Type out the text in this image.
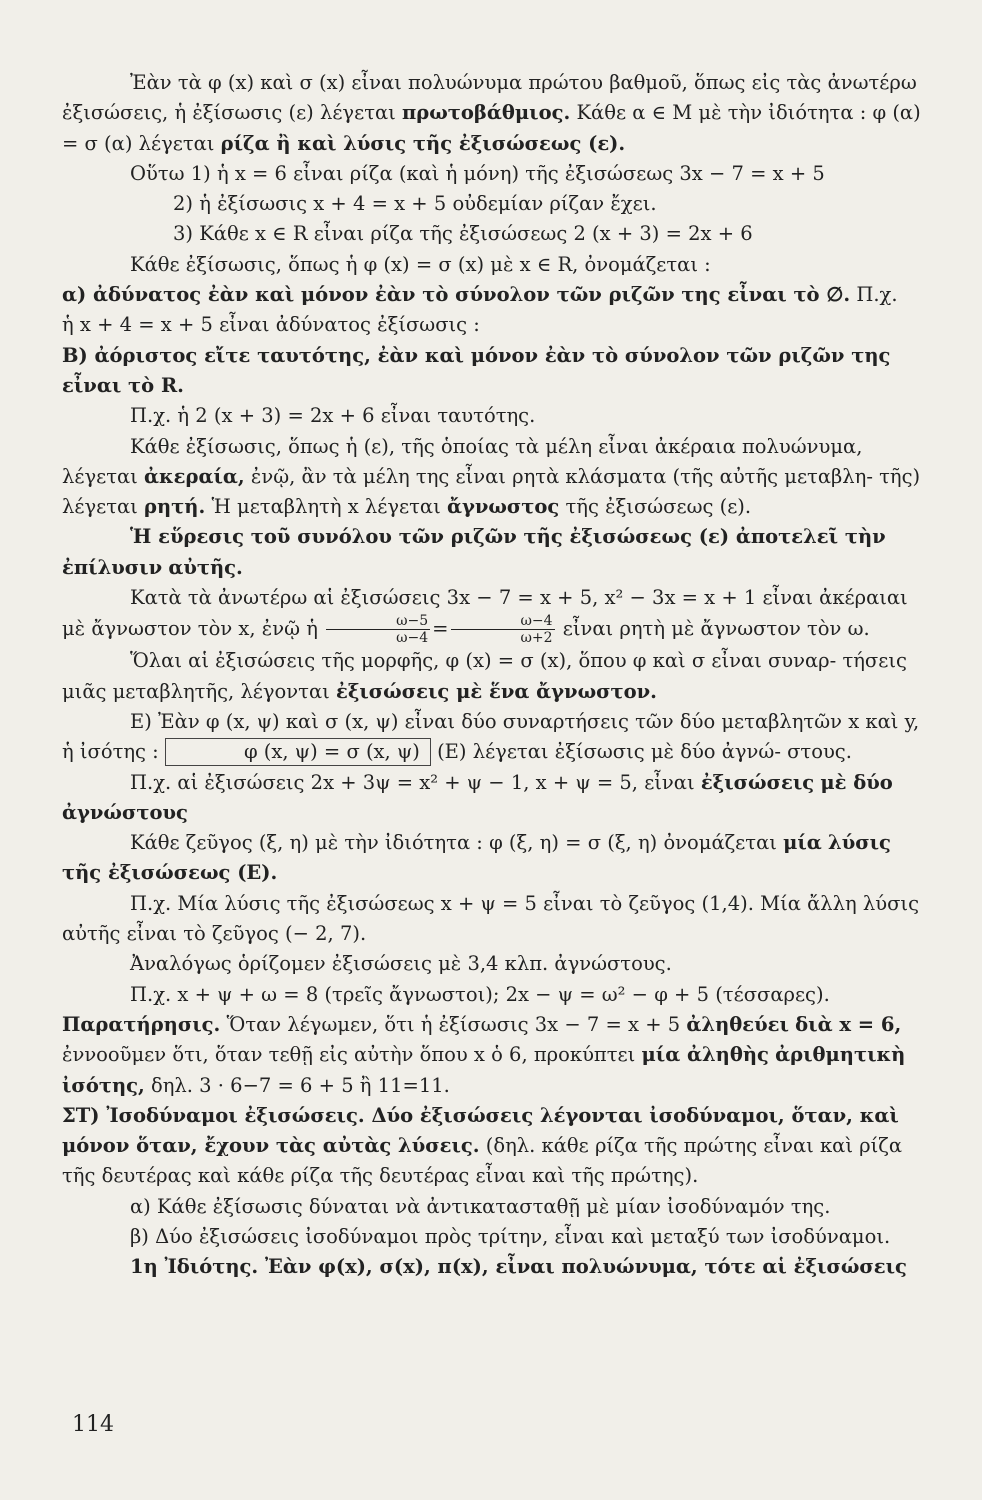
Ἐὰν τὰ φ (x) καὶ σ (x) εἶναι πολυώνυμα πρώτου βαθμοῦ, ὅπως εἰς τὰς ἀνωτέρω ἐξισώσεις, ἡ ἐξίσωσις (ε) λέγεται πρωτοβάθμιος. Κάθε α ∈ Μ μὲ τὴν ἰδιότητα : φ (α) = σ (α) λέγεται ρίζα ἢ καὶ λύσις τῆς ἐξισώσεως (ε).

Οὕτω 1) ἡ x = 6 εἶναι ρίζα (καὶ ἡ μόνη) τῆς ἐξισώσεως 3x − 7 = x + 5

2) ἡ ἐξίσωσις x + 4 = x + 5 οὐδεμίαν ρίζαν ἔχει.

3) Κάθε x ∈ R εἶναι ρίζα τῆς ἐξισώσεως 2 (x + 3) = 2x + 6

Κάθε ἐξίσωσις, ὅπως ἡ φ (x) = σ (x) μὲ x ∈ R, ὀνομάζεται :

α) ἀδύνατος ἐὰν καὶ μόνον ἐὰν τὸ σύνολον τῶν ριζῶν της εἶναι τὸ ∅. Π.χ.

ἡ x + 4 = x + 5 εἶναι ἀδύνατος ἐξίσωσις :

Β) ἀόριστος εἴτε ταυτότης, ἐὰν καὶ μόνον ἐὰν τὸ σύνολον τῶν ριζῶν της εἶναι τὸ R.

Π.χ. ἡ 2 (x + 3) = 2x + 6 εἶναι ταυτότης.

Κάθε ἐξίσωσις, ὅπως ἡ (ε), τῆς ὁποίας τὰ μέλη εἶναι ἀκέραια πολυώνυμα, λέγεται ἀκεραία, ἐνῷ, ἂν τὰ μέλη της εἶναι ρητὰ κλάσματα (τῆς αὐτῆς μεταβλη- τῆς) λέγεται ρητή. Ἡ μεταβλητὴ x λέγεται ἄγνωστος τῆς ἐξισώσεως (ε).

Ἡ εὕρεσις τοῦ συνόλου τῶν ριζῶν τῆς ἐξισώσεως (ε) ἀποτελεῖ τὴν ἐπίλυσιν αὐτῆς.

Κατὰ τὰ ἀνωτέρω αἱ ἐξισώσεις 3x − 7 = x + 5, x² − 3x = x + 1 εἶναι ἀκέραιαι μὲ ἄγνωστον τὸν x, ἐνῷ ἡ $\frac{\omega-5}{\omega-4} = \frac{\omega-4}{\omega+2}$ εἶναι ρητὴ μὲ ἄγνωστον τὸν ω.

Ὅλαι αἱ ἐξισώσεις τῆς μορφῆς, φ (x) = σ (x), ὅπου φ καὶ σ εἶναι συναρ- τήσεις μιᾶς μεταβλητῆς, λέγονται ἐξισώσεις μὲ ἕνα ἄγνωστον.

Ε) Ἐὰν φ (x, ψ) καὶ σ (x, ψ) εἶναι δύο συναρτήσεις τῶν δύο μεταβλητῶν x καὶ y, ἡ ἰσότης :	φ (x, ψ) = σ (x, ψ) (Ε) λέγεται ἐξίσωσις μὲ δύο ἀγνώ- στους.

Π.χ. αἱ ἐξισώσεις 2x + 3ψ = x² + ψ − 1, x + ψ = 5, εἶναι ἐξισώσεις μὲ δύο ἀγνώστους

Κάθε ζεῦγος (ξ, η) μὲ τὴν ἰδιότητα : φ (ξ, η) = σ (ξ, η) ὀνομάζεται μία λύσις τῆς ἐξισώσεως (Ε).

Π.χ. Μία λύσις τῆς ἐξισώσεως x + ψ = 5 εἶναι τὸ ζεῦγος (1,4). Μία ἄλλη λύσις αὐτῆς εἶναι τὸ ζεῦγος (− 2, 7).

Ἀναλόγως ὁρίζομεν ἐξισώσεις μὲ 3,4 κλπ. ἀγνώστους.

Π.χ. x + ψ + ω = 8 (τρεῖς ἄγνωστοι); 2x − ψ = ω² − φ + 5 (τέσσαρες).

Παρατήρησις. Ὅταν λέγωμεν, ὅτι ἡ ἐξίσωσις 3x − 7 = x + 5 ἀληθεύει διὰ x = 6, ἐννοοῦμεν ὅτι, ὅταν τεθῇ εἰς αὐτὴν ὅπου x ὁ 6, προκύπτει μία ἀληθὴς ἀριθμητικὴ ἰσότης, δηλ. 3 · 6−7 = 6 + 5 ἢ 11=11.

ΣΤ) Ἰσοδύναμοι ἐξισώσεις. Δύο ἐξισώσεις λέγονται ἰσοδύναμοι, ὅταν, καὶ μόνον ὅταν, ἔχουν τὰς αὐτὰς λύσεις. (δηλ. κάθε ρίζα τῆς πρώτης εἶναι καὶ ρίζα τῆς δευτέρας καὶ κάθε ρίζα τῆς δευτέρας εἶναι καὶ τῆς πρώτης).

α) Κάθε ἐξίσωσις δύναται νὰ ἀντικατασταθῇ μὲ μίαν ἰσοδύναμόν της.

β) Δύο ἐξισώσεις ἰσοδύναμοι πρὸς τρίτην, εἶναι καὶ μεταξύ των ἰσοδύναμοι.

1η Ἰδιότης. Ἐὰν φ(x), σ(x), π(x), εἶναι πολυώνυμα, τότε αἱ ἐξισώσεις

114
